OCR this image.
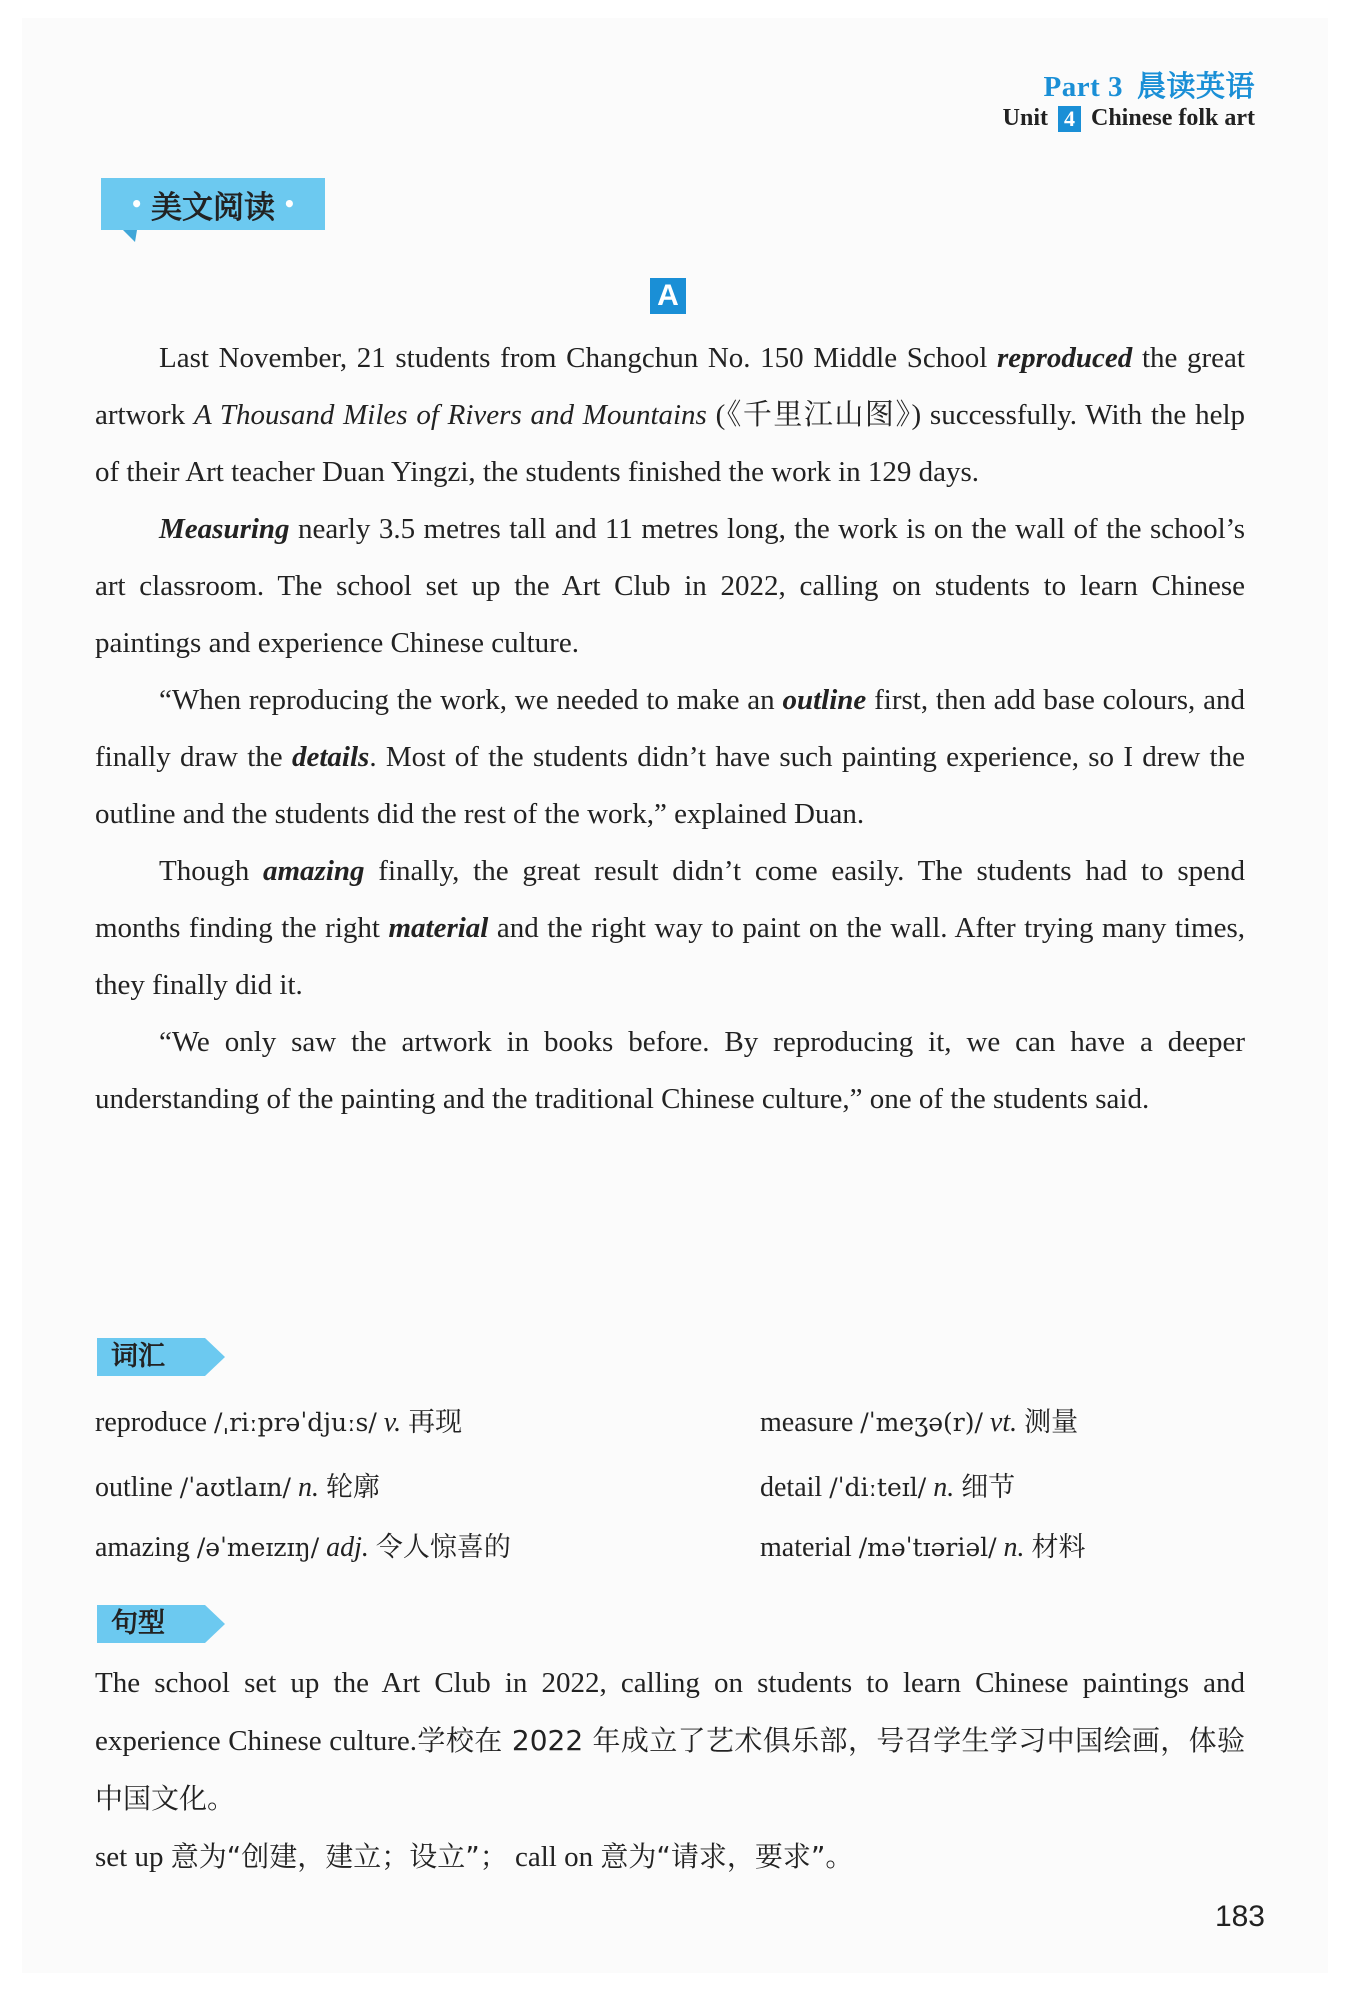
Part 3 晨读英语
Unit 4 Chinese folk art
• 美文阅读 •
A

Last November, 21 students from Changchun No. 150 Middle School reproduced the great artwork A Thousand Miles of Rivers and Mountains (《千里江山图》) successfully. With the help of their Art teacher Duan Yingzi, the students finished the work in 129 days.

Measuring nearly 3.5 metres tall and 11 metres long, the work is on the wall of the school’s art classroom. The school set up the Art Club in 2022, calling on students to learn Chinese paintings and experience Chinese culture.

“When reproducing the work, we needed to make an outline first, then add base colours, and finally draw the details. Most of the students didn’t have such painting experience, so I drew the outline and the students did the rest of the work,” explained Duan.

Though amazing finally, the great result didn’t come easily. The students had to spend months finding the right material and the right way to paint on the wall. After trying many times, they finally did it.

“We only saw the artwork in books before. By reproducing it, we can have a deeper understanding of the painting and the traditional Chinese culture,” one of the students said.

词汇
reproduce /ˌriːprəˈdjuːs/ v. 再现	measure /ˈmeʒə(r)/ vt. 测量
outline /ˈaʊtlaɪn/ n. 轮廓	detail /ˈdiːteɪl/ n. 细节
amazing /əˈmeɪzɪŋ/ adj. 令人惊喜的	material /məˈtɪəriəl/ n. 材料
句型
The school set up the Art Club in 2022, calling on students to learn Chinese paintings and experience Chinese culture.学校在 2022 年成立了艺术俱乐部，号召学生学习中国绘画，体验中国文化。
set up 意为“创建，建立；设立”； call on 意为“请求，要求”。
183
